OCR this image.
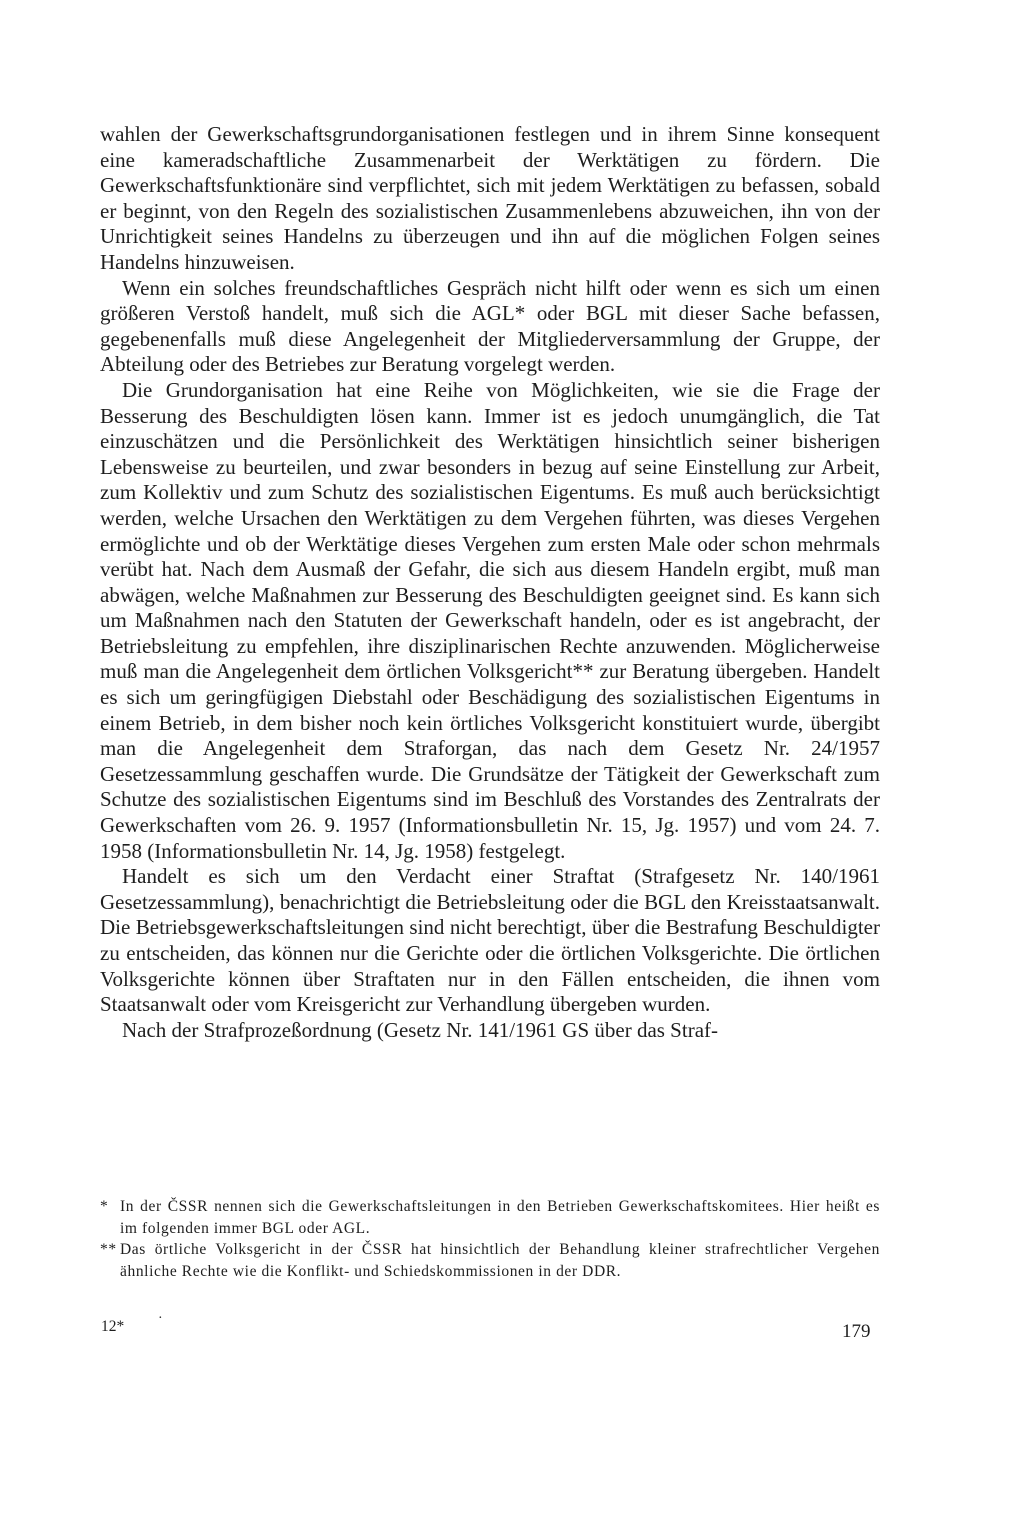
wahlen der Gewerkschaftsgrundorganisationen festlegen und in ihrem Sinne konsequent eine kameradschaftliche Zusammenarbeit der Werktätigen zu fördern. Die Gewerkschaftsfunktionäre sind verpflichtet, sich mit jedem Werktätigen zu befassen, sobald er beginnt, von den Regeln des sozialistischen Zusammenlebens abzuweichen, ihn von der Unrichtigkeit seines Handelns zu überzeugen und ihn auf die möglichen Folgen seines Handelns hinzuweisen.

Wenn ein solches freundschaftliches Gespräch nicht hilft oder wenn es sich um einen größeren Verstoß handelt, muß sich die AGL* oder BGL mit dieser Sache befassen, gegebenenfalls muß diese Angelegenheit der Mitgliederversammlung der Gruppe, der Abteilung oder des Betriebes zur Beratung vorgelegt werden.

Die Grundorganisation hat eine Reihe von Möglichkeiten, wie sie die Frage der Besserung des Beschuldigten lösen kann. Immer ist es jedoch unumgänglich, die Tat einzuschätzen und die Persönlichkeit des Werktätigen hinsichtlich seiner bisherigen Lebensweise zu beurteilen, und zwar besonders in bezug auf seine Einstellung zur Arbeit, zum Kollektiv und zum Schutz des sozialistischen Eigentums. Es muß auch berücksichtigt werden, welche Ursachen den Werktätigen zu dem Vergehen führten, was dieses Vergehen ermöglichte und ob der Werktätige dieses Vergehen zum ersten Male oder schon mehrmals verübt hat. Nach dem Ausmaß der Gefahr, die sich aus diesem Handeln ergibt, muß man abwägen, welche Maßnahmen zur Besserung des Beschuldigten geeignet sind. Es kann sich um Maßnahmen nach den Statuten der Gewerkschaft handeln, oder es ist angebracht, der Betriebsleitung zu empfehlen, ihre disziplinarischen Rechte anzuwenden. Möglicherweise muß man die Angelegenheit dem örtlichen Volksgericht** zur Beratung übergeben. Handelt es sich um geringfügigen Diebstahl oder Beschädigung des sozialistischen Eigentums in einem Betrieb, in dem bisher noch kein örtliches Volksgericht konstituiert wurde, übergibt man die Angelegenheit dem Straforgan, das nach dem Gesetz Nr. 24/1957 Gesetzessammlung geschaffen wurde. Die Grundsätze der Tätigkeit der Gewerkschaft zum Schutze des sozialistischen Eigentums sind im Beschluß des Vorstandes des Zentralrats der Gewerkschaften vom 26. 9. 1957 (Informationsbulletin Nr. 15, Jg. 1957) und vom 24. 7. 1958 (Informationsbulletin Nr. 14, Jg. 1958) festgelegt.

Handelt es sich um den Verdacht einer Straftat (Strafgesetz Nr. 140/1961 Gesetzessammlung), benachrichtigt die Betriebsleitung oder die BGL den Kreisstaatsanwalt. Die Betriebsgewerkschaftsleitungen sind nicht berechtigt, über die Bestrafung Beschuldigter zu entscheiden, das können nur die Gerichte oder die örtlichen Volksgerichte. Die örtlichen Volksgerichte können über Straftaten nur in den Fällen entscheiden, die ihnen vom Staatsanwalt oder vom Kreisgericht zur Verhandlung übergeben wurden.

Nach der Strafprozeßordnung (Gesetz Nr. 141/1961 GS über das Straf-

* In der ČSSR nennen sich die Gewerkschaftsleitungen in den Betrieben Gewerkschaftskomitees. Hier heißt es im folgenden immer BGL oder AGL.
** Das örtliche Volksgericht in der ČSSR hat hinsichtlich der Behandlung kleiner strafrechtlicher Vergehen ähnliche Rechte wie die Konflikt- und Schiedskommissionen in der DDR.
12* ·
179
